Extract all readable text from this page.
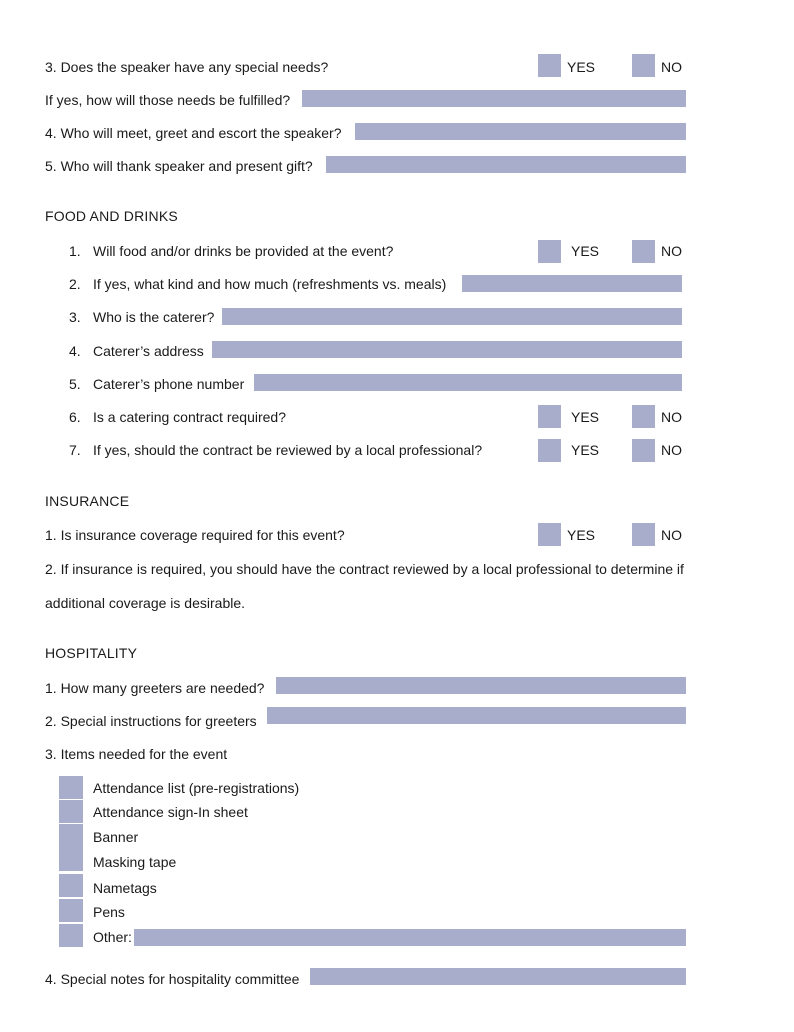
3. Does the speaker have any special needs?	YES	NO
If yes, how will those needs be fulfilled?
4. Who will meet, greet and escort the speaker?
5. Who will thank speaker and present gift?
FOOD AND DRINKS
1. Will food and/or drinks be provided at the event?	YES	NO
2. If yes, what kind and how much (refreshments vs. meals)
3. Who is the caterer?
4. Caterer’s address
5. Caterer’s phone number
6. Is a catering contract required?	YES	NO
7. If yes, should the contract be reviewed by a local professional?	YES	NO
INSURANCE
1. Is insurance coverage required for this event?	YES	NO
2. If insurance is required, you should have the contract reviewed by a local professional to determine if
additional coverage is desirable.
HOSPITALITY
1. How many greeters are needed?
2. Special instructions for greeters
3. Items needed for the event
Attendance list (pre-registrations)
Attendance sign-In sheet
Banner
Masking tape
Nametags
Pens
Other:
4. Special notes for hospitality committee
